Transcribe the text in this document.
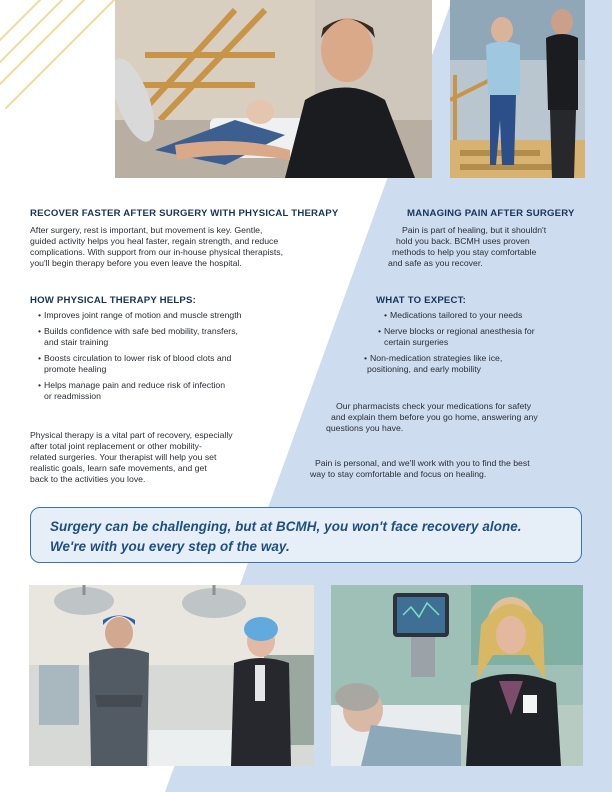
RECOVER FASTER AFTER SURGERY WITH PHYSICAL THERAPY
After surgery, rest is important, but movement is key. Gentle,
guided activity helps you heal faster, regain strength, and reduce
complications. With support from our in-house physical therapists,
you'll begin therapy before you even leave the hospital.
HOW PHYSICAL THERAPY HELPS:
• Improves joint range of motion and muscle strength
• Builds confidence with safe bed mobility, transfers,
and stair training
• Boosts circulation to lower risk of blood clots and
promote healing
• Helps manage pain and reduce risk of infection
or readmission
Physical therapy is a vital part of recovery, especially
after total joint replacement or other mobility-
related surgeries. Your therapist will help you set
realistic goals, learn safe movements, and get
back to the activities you love.
MANAGING PAIN AFTER SURGERY
Pain is part of healing, but it shouldn't
hold you back. BCMH uses proven
methods to help you stay comfortable
and safe as you recover.
WHAT TO EXPECT:
• Medications tailored to your needs
• Nerve blocks or regional anesthesia for
certain surgeries
• Non-medication strategies like ice,
positioning, and early mobility
Our pharmacists check your medications for safety
and explain them before you go home, answering any
questions you have.
Pain is personal, and we'll work with you to find the best
way to stay comfortable and focus on healing.

Surgery can be challenging, but at BCMH, you won't face recovery alone.

We're with you every step of the way.
